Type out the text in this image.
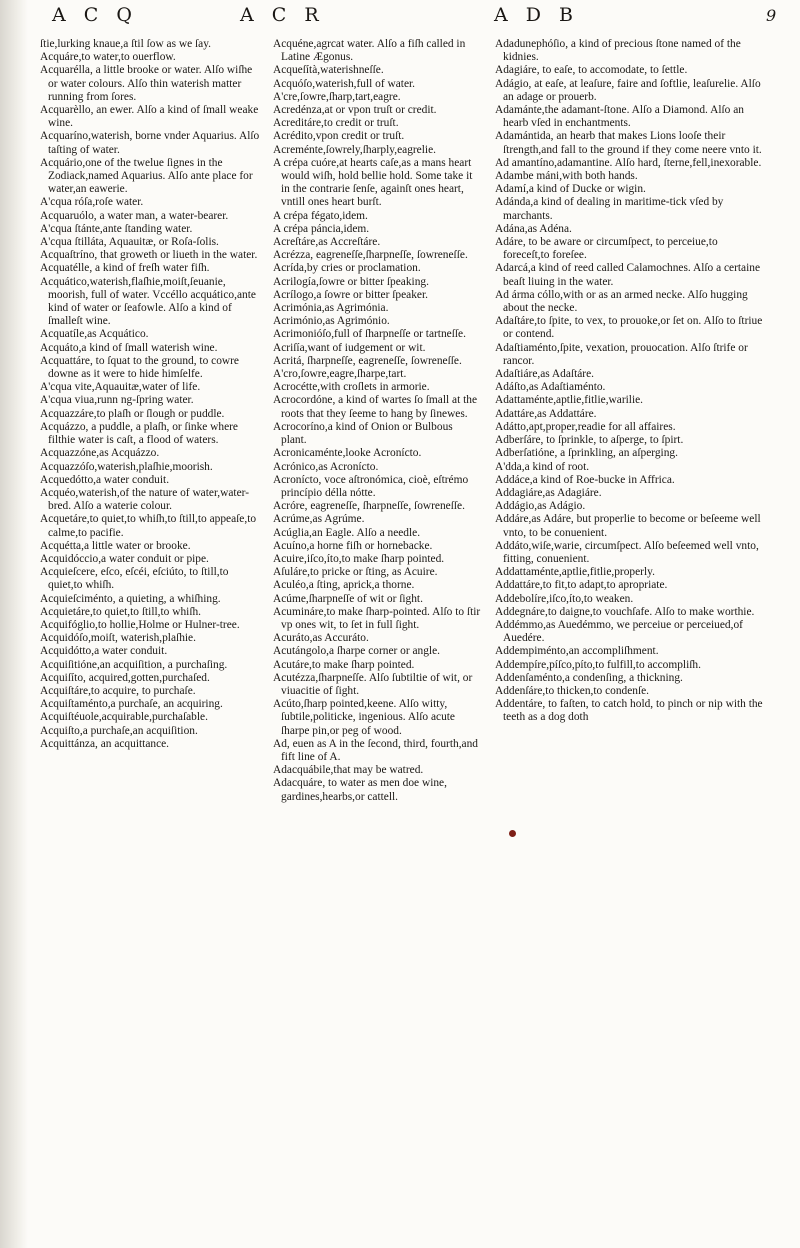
A C Q	A C R	A D B	9

ſtie,lurking knaue,a ſtil ſow as we ſay.

Acquáre,to water,to ouerflow.

Acquarélla, a little brooke or water. Alſo wiſhe or water colours. Alſo thin waterish matter running from ſores.

Acquarèllo, an ewer. Alſo a kind of ſmall weake wine.

Acquaríno,waterish, borne vnder Aquarius. Alſo taſting of water.

Acquário,one of the twelue ſignes in the Zodiack,named Aquarius. Alſo ante place for water,an eawerie.

A'cqua róſa,roſe water.

Acquaruólo, a water man, a water-bearer.

A'cqua ſtánte,ante ſtanding water.

A'cqua ſtilláta, Aquauitæ, or Roſa-ſolis.

Acquaſtríno, that groweth or liueth in the water.

Acquatélle, a kind of freſh water fiſh.

Acquático,waterish,flaſhie,moiſt,ſeuanie, moorish, full of water. Vccéllo acquático,ante kind of water or ſeafowle. Alſo a kind of ſmalleſt wine.

Acquatíle,as Acquático.

Acquáto,a kind of ſmall waterish wine.

Acquattáre, to ſquat to the ground, to cowre downe as it were to hide himſelfe.

A'cqua vite,Aquauitæ,water of life.

A'cqua viua,runn ng-ſpring water.

Acquazzáre,to plaſh or ſlough or puddle.

Acquázzo, a puddle, a plaſh, or ſinke where filthie water is caſt, a flood of waters.

Acquazzóne,as Acquázzo.

Acquazzóſo,waterish,plaſhie,moorish.

Acquedótto,a water conduit.

Acquéo,waterish,of the nature of water,water-bred. Alſo a waterie colour.

Acquetáre,to quiet,to whiſh,to ſtill,to appeaſe,to calme,to pacifie.

Acquétta,a little water or brooke.

Acquidóccio,a water conduit or pipe.

Acquieſcere, eſco, eſcéi, eſciúto, to ſtill,to quiet,to whiſh.

Acquieſciménto, a quieting, a whiſhing.

Acquietáre,to quiet,to ſtill,to whiſh.

Acquifóglio,to hollie,Holme or Hulner-tree.

Acquidóſo,moiſt, waterish,plaſhie.

Acquidótto,a water conduit.

Acquiſitióne,an acquiſition, a purchaſing.

Acquiſíto, acquired,gotten,purchaſed.

Acquiſtáre,to acquire, to purchaſe.

Acquiſtaménto,a purchaſe, an acquiring.

Acquiſtéuole,acquirable,purchaſable.

Acquiſto,a purchaſe,an acquiſition.

Acquittánza, an acquittance.

Acquéne,agrcat water. Alſo a fiſh called in Latine Ægonus.

Acqueſítà,waterishneſſe.

Acquóſo,waterish,full of water.

A'cre,ſowre,ſharp,tart,eagre.

Acredénza,at or vpon truſt or credit.

Acreditáre,to credit or truſt.

Acrédito,vpon credit or truſt.

Acreménte,ſowrely,ſharply,eagrelie.

A crépa cuóre,at hearts caſe,as a mans heart would wiſh, hold bellie hold. Some take it in the contrarie ſenſe, againſt ones heart, vntill ones heart burſt.

A crépa fégato,idem.

A crépa páncia,idem.

Acreſtáre,as Accreſtáre.

Acrézza, eagreneſſe,ſharpneſſe, ſowreneſſe.

Acrída,by cries or proclamation.

Acrilogía,ſowre or bitter ſpeaking.

Acrílogo,a ſowre or bitter ſpeaker.

Acrimónia,as Agrimónia.

Acrimónio,as Agrimónio.

Acrimonióſo,full of ſharpneſſe or tartneſſe.

Acriſía,want of iudgement or wit.

Acritá, ſharpneſſe, eagreneſſe, ſowreneſſe.

A'cro,ſowre,eagre,ſharpe,tart.

Acrocétte,with croſlets in armorie.

Acrocordóne, a kind of wartes ſo ſmall at the roots that they ſeeme to hang by ſinewes.

Acrocoríno,a kind of Onion or Bulbous plant.

Acronicaménte,looke Acronícto.

Acrónico,as Acronícto.

Acronícto, voce aſtronómica, cioè, eſtrémo princípio délla nótte.

Acróre, eagreneſſe, ſharpneſſe, ſowreneſſe.

Acrúme,as Agrúme.

Acúglia,an Eagle. Alſo a needle.

Acuíno,a horne fiſh or hornebacke.

Acuire,iſco,íto,to make ſharp pointed.

Aſuláre,to pricke or ſting, as Acuire.

Aculéo,a ſting, aprick,a thorne.

Acúme,ſharpneſſe of wit or ſight.

Acumináre,to make ſharp-pointed. Alſo to ſtir vp ones wit, to ſet in full ſight.

Acuráto,as Accuráto.

Acutángolo,a ſharpe corner or angle.

Acutáre,to make ſharp pointed.

Acutézza,ſharpneſſe. Alſo ſubtiltie of wit, or viuacitie of ſight.

Acúto,ſharp pointed,keene. Alſo witty, ſubtile,politicke, ingenious. Alſo acute ſharpe pin,or peg of wood.

Ad, euen as A in the ſecond, third, fourth,and fift line of A.

Adacquábile,that may be watred.

Adacquáre, to water as men doe wine, gardines,hearbs,or cattell.

Adadunephóſio, a kind of precious ſtone named of the kidnies.

Adagiáre, to eaſe, to accomodate, to ſettle.

Adágio, at eaſe, at leaſure, faire and ſoftlie, leaſurelie. Alſo an adage or prouerb.

Adamánte,the adamant-ſtone. Alſo a Diamond. Alſo an hearb vſed in enchantments.

Adamántida, an hearb that makes Lions looſe their ſtrength,and fall to the ground if they come neere vnto it.

Ad amantíno,adamantine. Alſo hard, ſterne,fell,inexorable.

Adambe máni,with both hands.

Adamí,a kind of Ducke or wigin.

Adánda,a kind of dealing in maritime-tick vſed by marchants.

Adána,as Adéna.

Adáre, to be aware or circumſpect, to perceiue,to foreceſt,to foreſee.

Adarcá,a kind of reed called Calamochnes. Alſo a certaine beaſt liuing in the water.

Ad árma cóllo,with or as an armed necke. Alſo hugging about the necke.

Adaſtáre,to ſpite, to vex, to prouoke,or ſet on. Alſo to ſtriue or contend.

Adaſtiaménto,ſpite, vexation, prouocation. Alſo ſtrife or rancor.

Adaſtiáre,as Adaſtáre.

Adáſto,as Adaſtiaménto.

Adattaménte,aptlie,fitlie,warilie.

Adattáre,as Addattáre.

Adátto,apt,proper,readie for all affaires.

Adberſáre, to ſprinkle, to aſperge, to ſpirt.

Adberſatióne, a ſprinkling, an aſperging.

A'dda,a kind of root.

Addáce,a kind of Roe-bucke in Affrica.

Addagiáre,as Adagiáre.

Addágio,as Adágio.

Addáre,as Adáre, but properlie to become or beſeeme well vnto, to be conuenient.

Addáto,wiſe,warie, circumſpect. Alſo beſeemed well vnto, fitting, conuenient.

Addattaménte,aptlie,fitlie,properly.

Addattáre,to fit,to adapt,to apropriate.

Addebolíre,iſco,íto,to weaken.

Addegnáre,to daigne,to vouchſafe. Alſo to make worthie.

Addémmo,as Auedémmo, we perceiue or perceiued,of Auedére.

Addempiménto,an accompliſhment.

Addempíre,píſco,píto,to fulfill,to accompliſh.

Addenſaménto,a condenſing, a thickning.

Addenſáre,to thicken,to condenſe.

Addentáre, to faſten, to catch hold, to pinch or nip with the teeth as a dog doth
